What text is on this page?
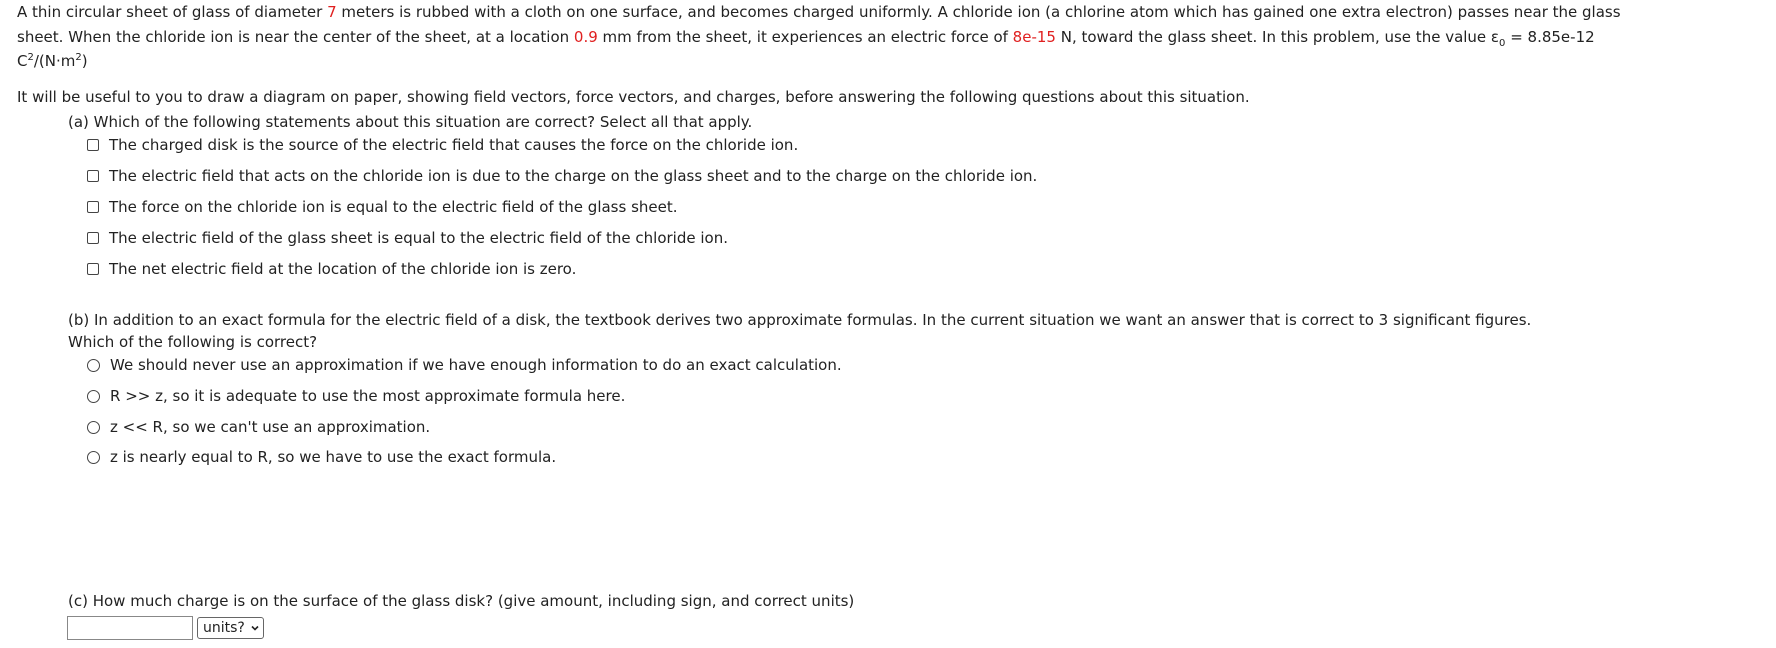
A thin circular sheet of glass of diameter 7 meters is rubbed with a cloth on one surface, and becomes charged uniformly. A chloride ion (a chlorine atom which has gained one extra electron) passes near the glass
sheet. When the chloride ion is near the center of the sheet, at a location 0.9 mm from the sheet, it experiences an electric force of 8e-15 N, toward the glass sheet. In this problem, use the value $\varepsilon_0 = 8.85e-12$
$C^2/(N\cdot m^2)$
It will be useful to you to draw a diagram on paper, showing field vectors, force vectors, and charges, before answering the following questions about this situation.
(a) Which of the following statements about this situation are correct? Select all that apply.
The charged disk is the source of the electric field that causes the force on the chloride ion.
The electric field that acts on the chloride ion is due to the charge on the glass sheet and to the charge on the chloride ion.
The force on the chloride ion is equal to the electric field of the glass sheet.
The electric field of the glass sheet is equal to the electric field of the chloride ion.
The net electric field at the location of the chloride ion is zero.
(b) In addition to an exact formula for the electric field of a disk, the textbook derives two approximate formulas. In the current situation we want an answer that is correct to 3 significant figures.
Which of the following is correct?
We should never use an approximation if we have enough information to do an exact calculation.
R >> z, so it is adequate to use the most approximate formula here.
z << R, so we can't use an approximation.
z is nearly equal to R, so we have to use the exact formula.
(c) How much charge is on the surface of the glass disk? (give amount, including sign, and correct units)
units?
